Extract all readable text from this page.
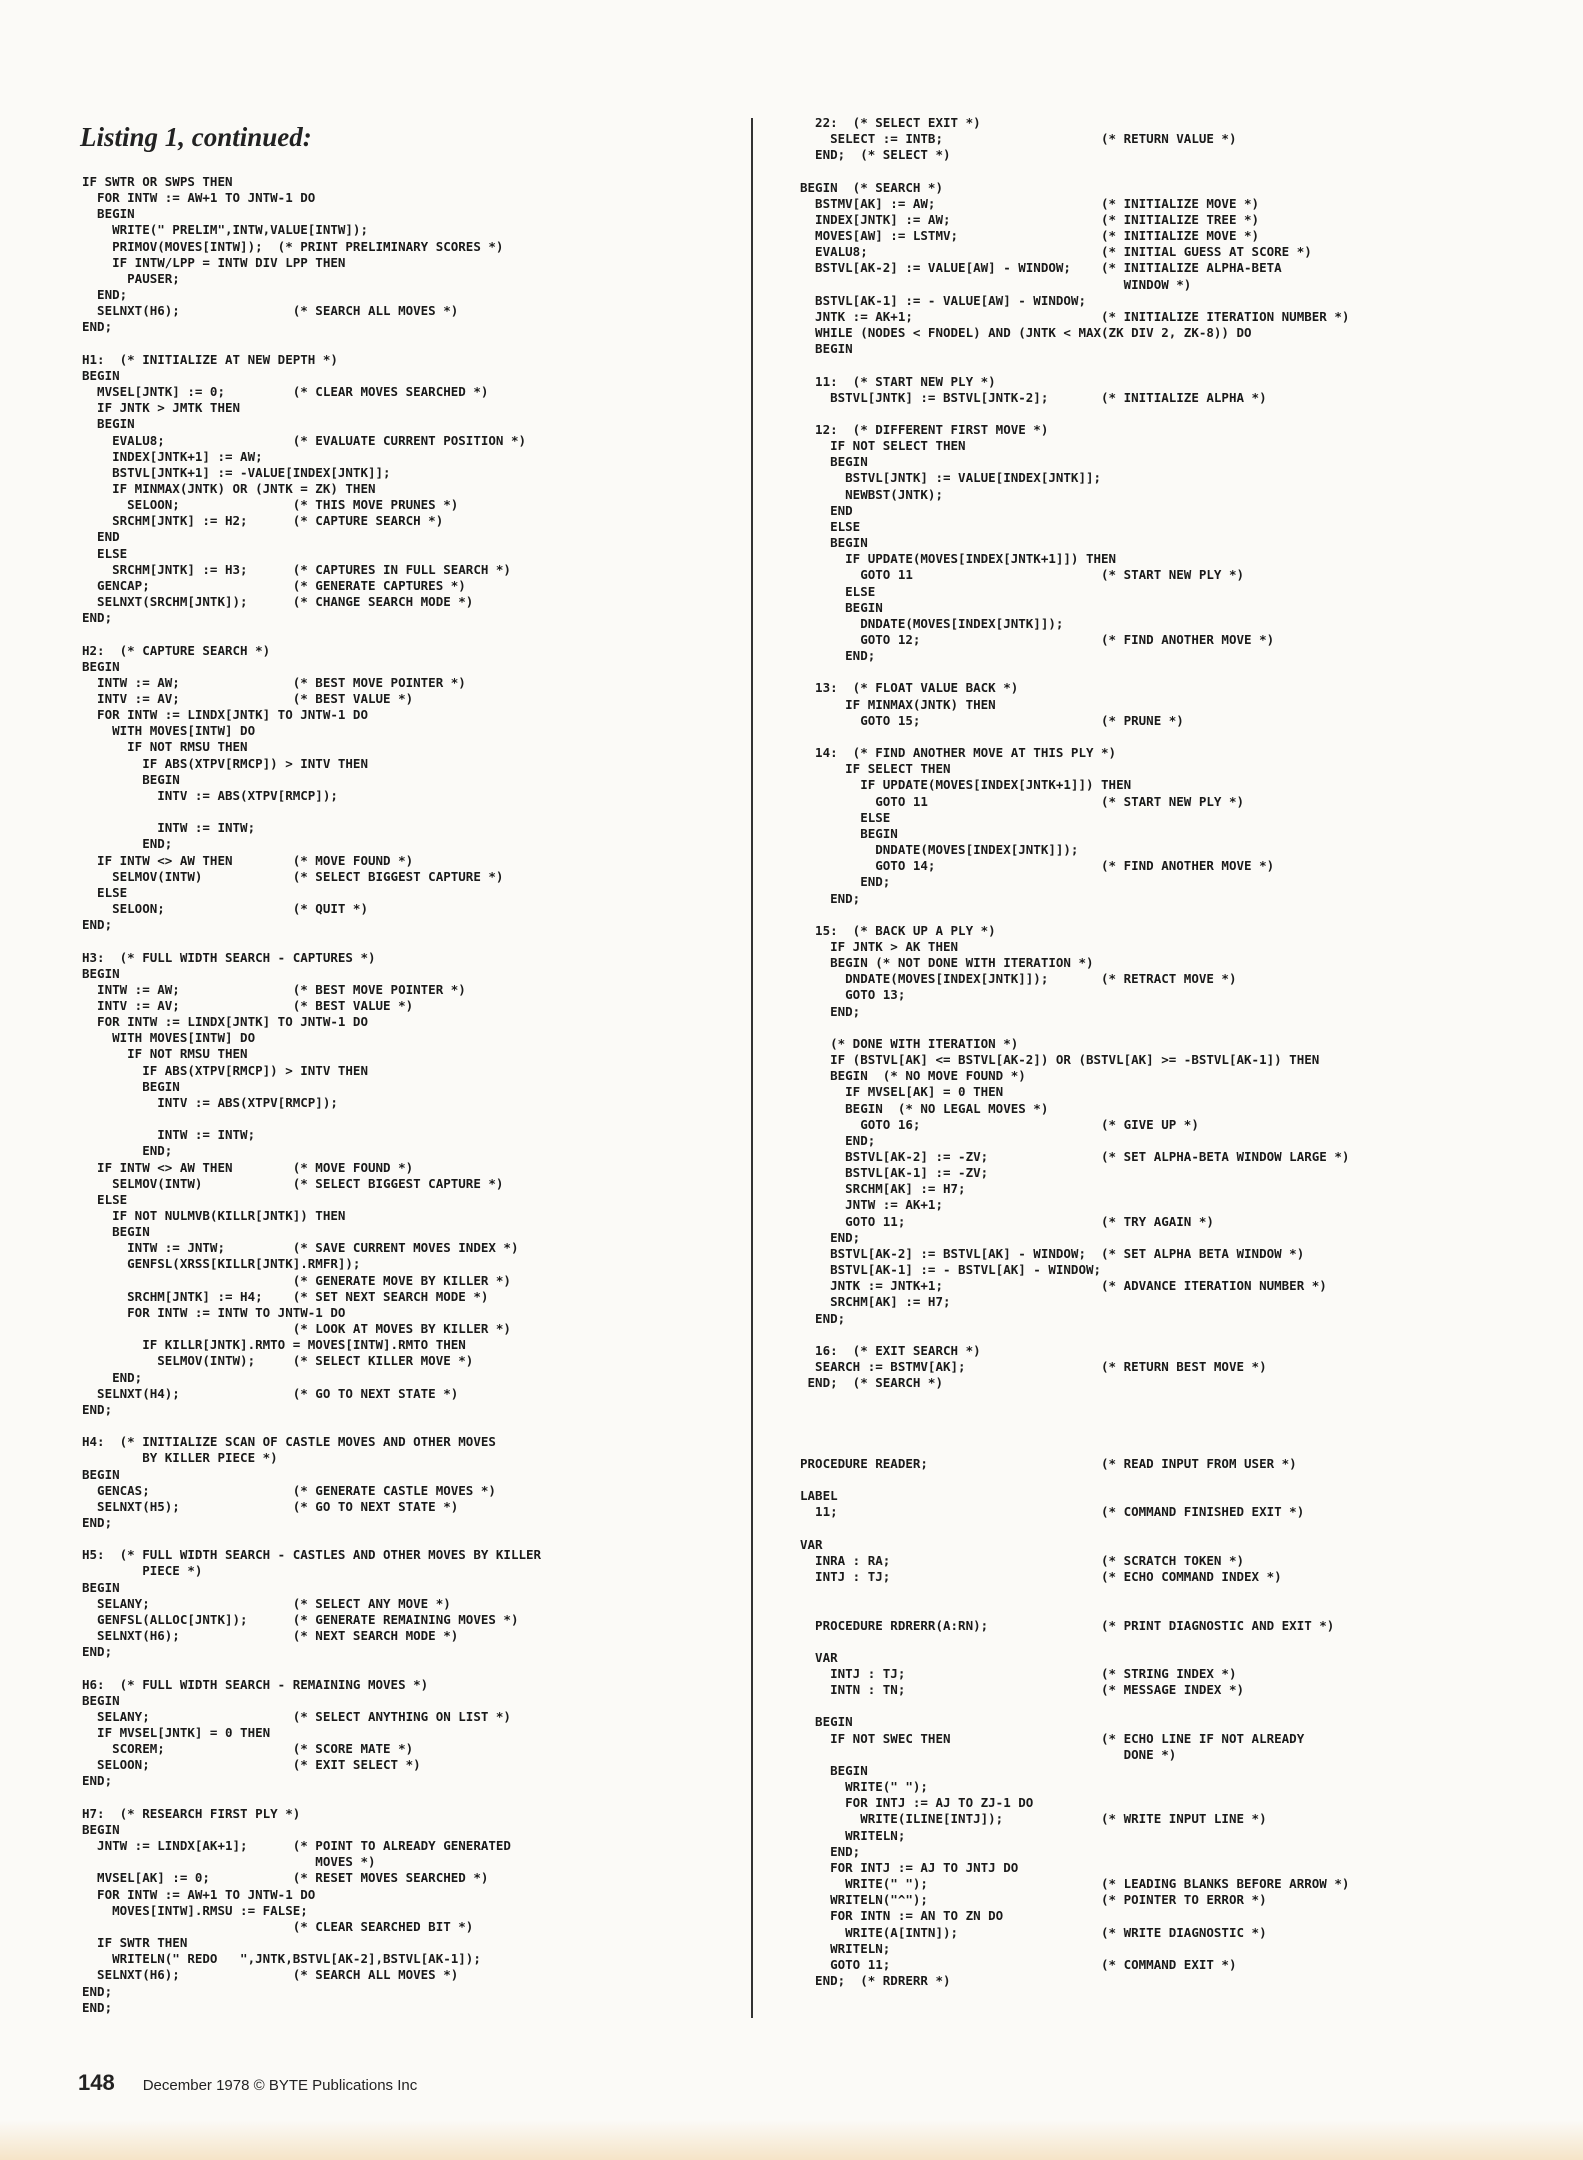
Listing 1, continued:
IF SWTR OR SWPS THEN
FOR INTW := AW+1 TO JNTW-1 DO
BEGIN
WRITE(" PRELIM",INTW,VALUE[INTW]);
PRIMOV(MOVES[INTW]);  (* PRINT PRELIMINARY SCORES *)
IF INTW/LPP = INTW DIV LPP THEN
PAUSER;
END;
SELNXT(H6);               (* SEARCH ALL MOVES *)
END;

H1:  (* INITIALIZE AT NEW DEPTH *)
BEGIN
MVSEL[JNTK] := 0;         (* CLEAR MOVES SEARCHED *)
IF JNTK > JMTK THEN
BEGIN
EVALU8;                 (* EVALUATE CURRENT POSITION *)
INDEX[JNTK+1] := AW;
BSTVL[JNTK+1] := -VALUE[INDEX[JNTK]];
IF MINMAX(JNTK) OR (JNTK = ZK) THEN
SELOON;               (* THIS MOVE PRUNES *)
SRCHM[JNTK] := H2;      (* CAPTURE SEARCH *)
END
ELSE
SRCHM[JNTK] := H3;      (* CAPTURES IN FULL SEARCH *)
GENCAP;                   (* GENERATE CAPTURES *)
SELNXT(SRCHM[JNTK]);      (* CHANGE SEARCH MODE *)
END;

H2:  (* CAPTURE SEARCH *)
BEGIN
INTW := AW;               (* BEST MOVE POINTER *)
INTV := AV;               (* BEST VALUE *)
FOR INTW := LINDX[JNTK] TO JNTW-1 DO
WITH MOVES[INTW] DO
IF NOT RMSU THEN
IF ABS(XTPV[RMCP]) > INTV THEN
BEGIN
INTV := ABS(XTPV[RMCP]);

INTW := INTW;
END;
IF INTW <> AW THEN        (* MOVE FOUND *)
SELMOV(INTW)            (* SELECT BIGGEST CAPTURE *)
ELSE
SELOON;                 (* QUIT *)
END;

H3:  (* FULL WIDTH SEARCH - CAPTURES *)
BEGIN
INTW := AW;               (* BEST MOVE POINTER *)
INTV := AV;               (* BEST VALUE *)
FOR INTW := LINDX[JNTK] TO JNTW-1 DO
WITH MOVES[INTW] DO
IF NOT RMSU THEN
IF ABS(XTPV[RMCP]) > INTV THEN
BEGIN
INTV := ABS(XTPV[RMCP]);

INTW := INTW;
END;
IF INTW <> AW THEN        (* MOVE FOUND *)
SELMOV(INTW)            (* SELECT BIGGEST CAPTURE *)
ELSE
IF NOT NULMVB(KILLR[JNTK]) THEN
BEGIN
INTW := JNTW;         (* SAVE CURRENT MOVES INDEX *)
GENFSL(XRSS[KILLR[JNTK].RMFR]);
(* GENERATE MOVE BY KILLER *)
SRCHM[JNTK] := H4;    (* SET NEXT SEARCH MODE *)
FOR INTW := INTW TO JNTW-1 DO
(* LOOK AT MOVES BY KILLER *)
IF KILLR[JNTK].RMTO = MOVES[INTW].RMTO THEN
SELMOV(INTW);     (* SELECT KILLER MOVE *)
END;
SELNXT(H4);               (* GO TO NEXT STATE *)
END;

H4:  (* INITIALIZE SCAN OF CASTLE MOVES AND OTHER MOVES
BY KILLER PIECE *)
BEGIN
GENCAS;                   (* GENERATE CASTLE MOVES *)
SELNXT(H5);               (* GO TO NEXT STATE *)
END;

H5:  (* FULL WIDTH SEARCH - CASTLES AND OTHER MOVES BY KILLER
PIECE *)
BEGIN
SELANY;                   (* SELECT ANY MOVE *)
GENFSL(ALLOC[JNTK]);      (* GENERATE REMAINING MOVES *)
SELNXT(H6);               (* NEXT SEARCH MODE *)
END;

H6:  (* FULL WIDTH SEARCH - REMAINING MOVES *)
BEGIN
SELANY;                   (* SELECT ANYTHING ON LIST *)
IF MVSEL[JNTK] = 0 THEN
SCOREM;                 (* SCORE MATE *)
SELOON;                   (* EXIT SELECT *)
END;

H7:  (* RESEARCH FIRST PLY *)
BEGIN
JNTW := LINDX[AK+1];      (* POINT TO ALREADY GENERATED
MOVES *)
MVSEL[AK] := 0;           (* RESET MOVES SEARCHED *)
FOR INTW := AW+1 TO JNTW-1 DO
MOVES[INTW].RMSU := FALSE;
(* CLEAR SEARCHED BIT *)
IF SWTR THEN
WRITELN(" REDO   ",JNTK,BSTVL[AK-2],BSTVL[AK-1]);
SELNXT(H6);               (* SEARCH ALL MOVES *)
END;
END;
22:  (* SELECT EXIT *)
SELECT := INTB;                     (* RETURN VALUE *)
END;  (* SELECT *)

BEGIN  (* SEARCH *)
BSTMV[AK] := AW;                      (* INITIALIZE MOVE *)
INDEX[JNTK] := AW;                    (* INITIALIZE TREE *)
MOVES[AW] := LSTMV;                   (* INITIALIZE MOVE *)
EVALU8;                               (* INITIAL GUESS AT SCORE *)
BSTVL[AK-2] := VALUE[AW] - WINDOW;    (* INITIALIZE ALPHA-BETA
WINDOW *)
BSTVL[AK-1] := - VALUE[AW] - WINDOW;
JNTK := AK+1;                         (* INITIALIZE ITERATION NUMBER *)
WHILE (NODES < FNODEL) AND (JNTK < MAX(ZK DIV 2, ZK-8)) DO
BEGIN

11:  (* START NEW PLY *)
BSTVL[JNTK] := BSTVL[JNTK-2];       (* INITIALIZE ALPHA *)

12:  (* DIFFERENT FIRST MOVE *)
IF NOT SELECT THEN
BEGIN
BSTVL[JNTK] := VALUE[INDEX[JNTK]];
NEWBST(JNTK);
END
ELSE
BEGIN
IF UPDATE(MOVES[INDEX[JNTK+1]]) THEN
GOTO 11                         (* START NEW PLY *)
ELSE
BEGIN
DNDATE(MOVES[INDEX[JNTK]]);
GOTO 12;                        (* FIND ANOTHER MOVE *)
END;

13:  (* FLOAT VALUE BACK *)
IF MINMAX(JNTK) THEN
GOTO 15;                        (* PRUNE *)

14:  (* FIND ANOTHER MOVE AT THIS PLY *)
IF SELECT THEN
IF UPDATE(MOVES[INDEX[JNTK+1]]) THEN
GOTO 11                       (* START NEW PLY *)
ELSE
BEGIN
DNDATE(MOVES[INDEX[JNTK]]);
GOTO 14;                      (* FIND ANOTHER MOVE *)
END;
END;

15:  (* BACK UP A PLY *)
IF JNTK > AK THEN
BEGIN (* NOT DONE WITH ITERATION *)
DNDATE(MOVES[INDEX[JNTK]]);       (* RETRACT MOVE *)
GOTO 13;
END;

(* DONE WITH ITERATION *)
IF (BSTVL[AK] <= BSTVL[AK-2]) OR (BSTVL[AK] >= -BSTVL[AK-1]) THEN
BEGIN  (* NO MOVE FOUND *)
IF MVSEL[AK] = 0 THEN
BEGIN  (* NO LEGAL MOVES *)
GOTO 16;                        (* GIVE UP *)
END;
BSTVL[AK-2] := -ZV;               (* SET ALPHA-BETA WINDOW LARGE *)
BSTVL[AK-1] := -ZV;
SRCHM[AK] := H7;
JNTW := AK+1;
GOTO 11;                          (* TRY AGAIN *)
END;
BSTVL[AK-2] := BSTVL[AK] - WINDOW;  (* SET ALPHA BETA WINDOW *)
BSTVL[AK-1] := - BSTVL[AK] - WINDOW;
JNTK := JNTK+1;                     (* ADVANCE ITERATION NUMBER *)
SRCHM[AK] := H7;
END;

16:  (* EXIT SEARCH *)
SEARCH := BSTMV[AK];                  (* RETURN BEST MOVE *)
END;  (* SEARCH *)

PROCEDURE READER;                       (* READ INPUT FROM USER *)

LABEL
11;                                   (* COMMAND FINISHED EXIT *)

VAR
INRA : RA;                            (* SCRATCH TOKEN *)
INTJ : TJ;                            (* ECHO COMMAND INDEX *)

PROCEDURE RDRERR(A:RN);               (* PRINT DIAGNOSTIC AND EXIT *)

VAR
INTJ : TJ;                          (* STRING INDEX *)
INTN : TN;                          (* MESSAGE INDEX *)

BEGIN
IF NOT SWEC THEN                    (* ECHO LINE IF NOT ALREADY
DONE *)
BEGIN
WRITE(" ");
FOR INTJ := AJ TO ZJ-1 DO
WRITE(ILINE[INTJ]);             (* WRITE INPUT LINE *)
WRITELN;
END;
FOR INTJ := AJ TO JNTJ DO
WRITE(" ");                       (* LEADING BLANKS BEFORE ARROW *)
WRITELN("^");                       (* POINTER TO ERROR *)
FOR INTN := AN TO ZN DO
WRITE(A[INTN]);                   (* WRITE DIAGNOSTIC *)
WRITELN;
GOTO 11;                            (* COMMAND EXIT *)
END;  (* RDRERR *)
148 December 1978 © BYTE Publications Inc
